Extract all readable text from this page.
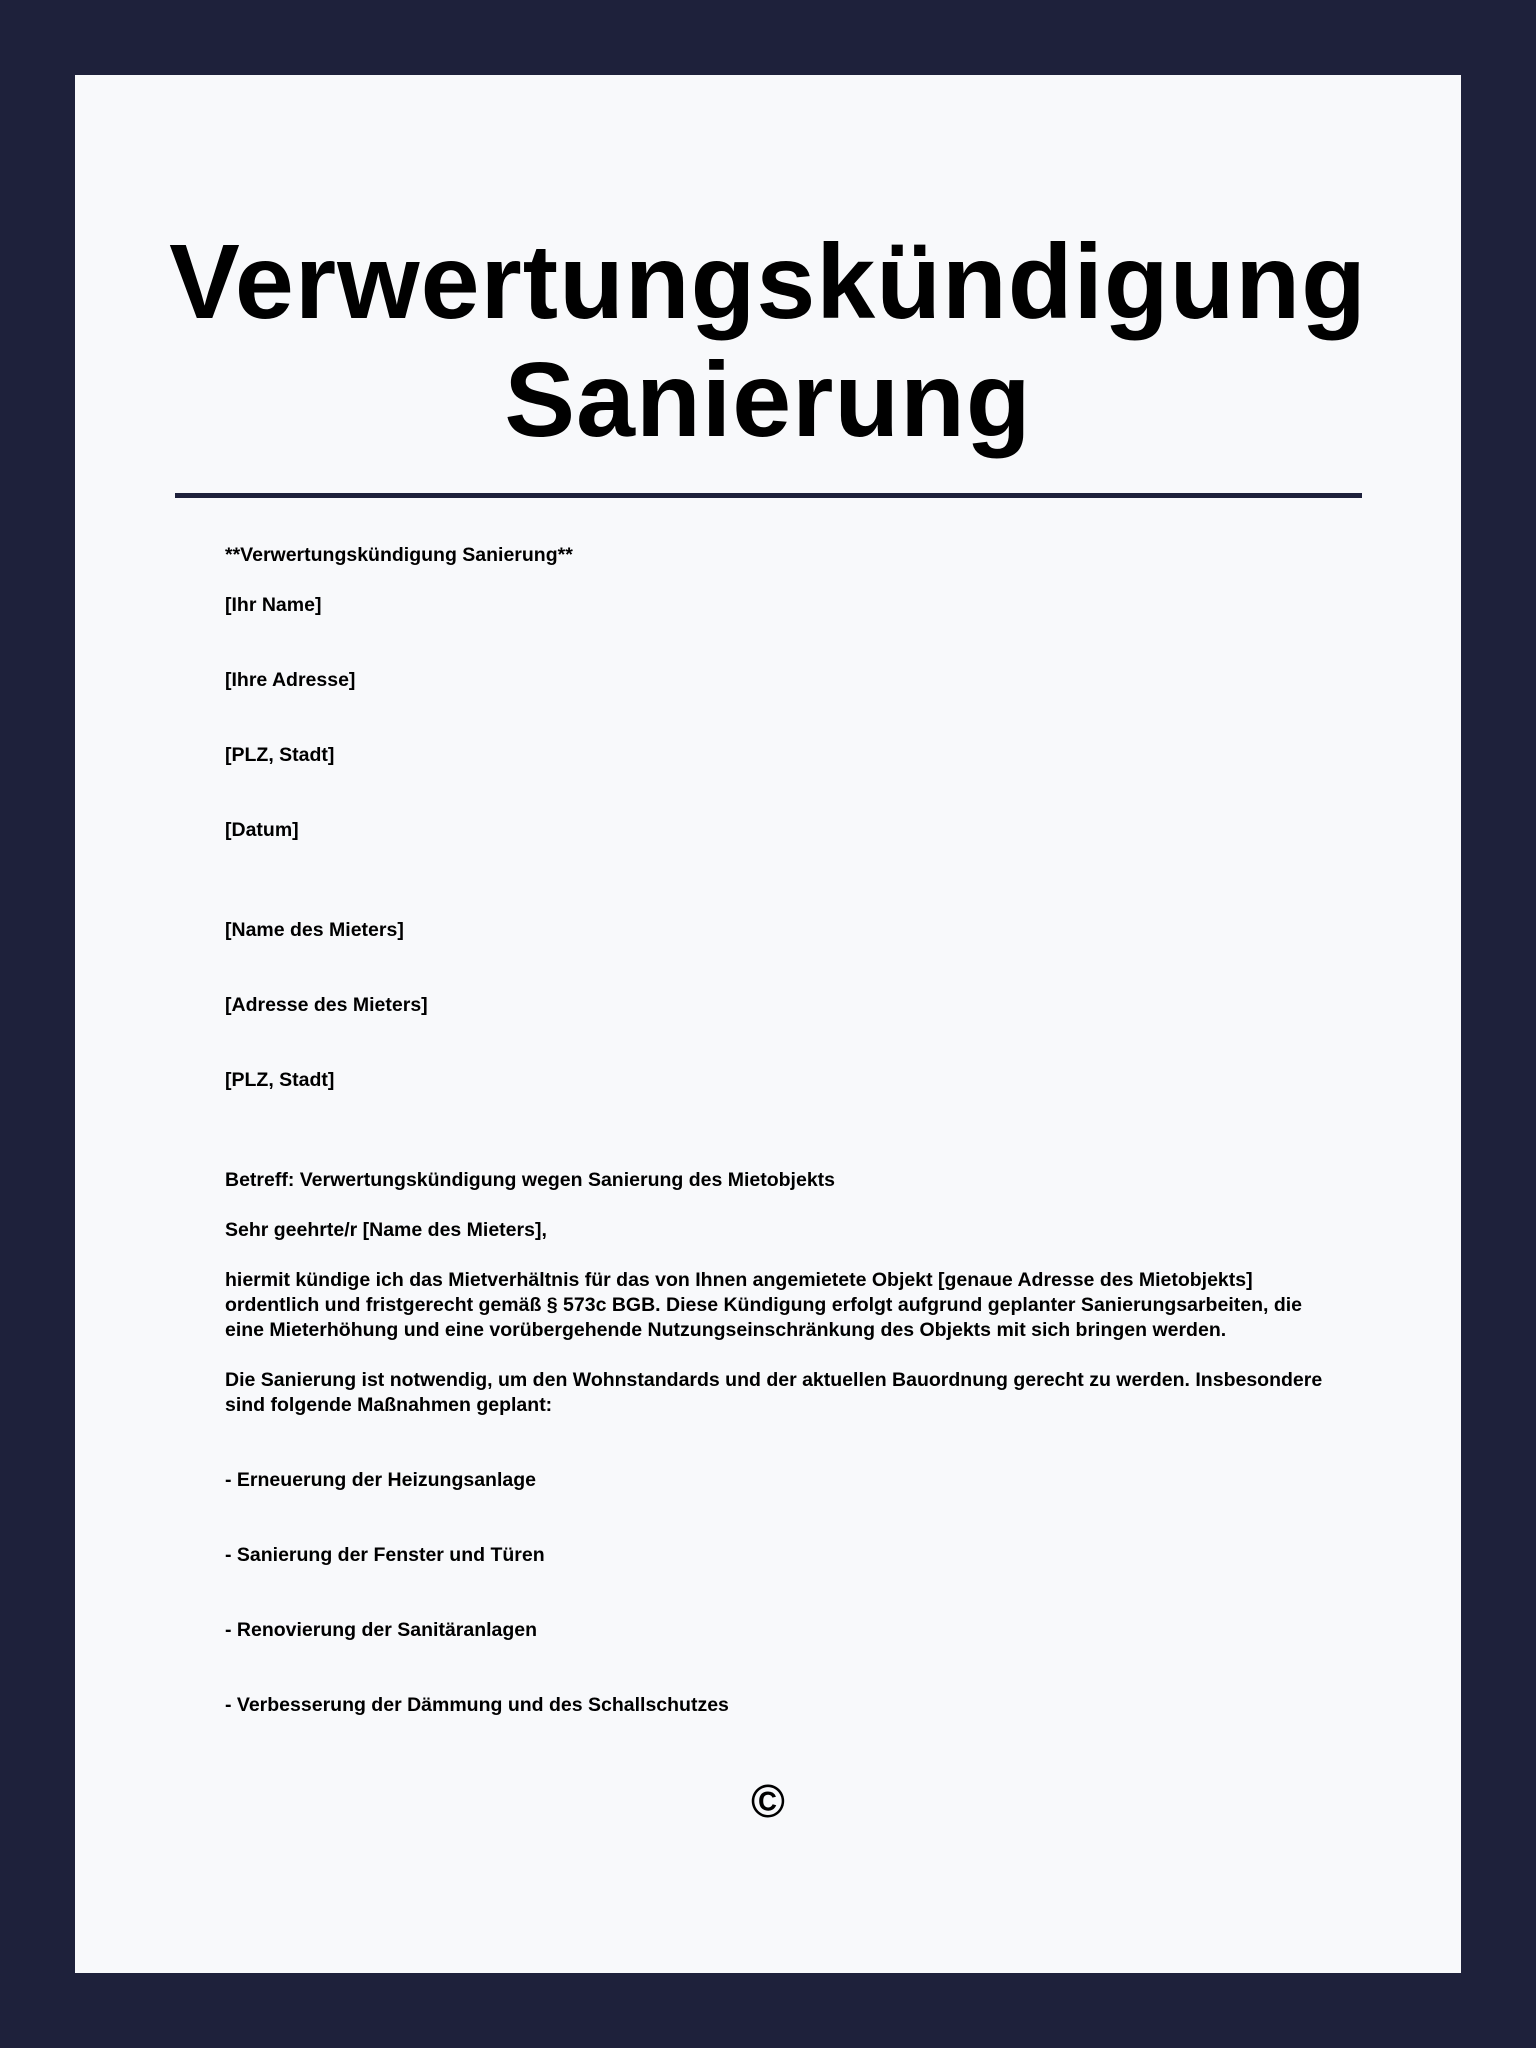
Verwertungskündigung
Sanierung
**Verwertungskündigung Sanierung**
[Ihr Name]
[Ihre Adresse]
[PLZ, Stadt]
[Datum]
[Name des Mieters]
[Adresse des Mieters]
[PLZ, Stadt]
Betreff: Verwertungskündigung wegen Sanierung des Mietobjekts
Sehr geehrte/r [Name des Mieters],
hiermit kündige ich das Mietverhältnis für das von Ihnen angemietete Objekt [genaue Adresse des Mietobjekts]
ordentlich und fristgerecht gemäß § 573c BGB. Diese Kündigung erfolgt aufgrund geplanter Sanierungsarbeiten, die
eine Mieterhöhung und eine vorübergehende Nutzungseinschränkung des Objekts mit sich bringen werden.
Die Sanierung ist notwendig, um den Wohnstandards und der aktuellen Bauordnung gerecht zu werden. Insbesondere
sind folgende Maßnahmen geplant:
- Erneuerung der Heizungsanlage
- Sanierung der Fenster und Türen
- Renovierung der Sanitäranlagen
- Verbesserung der Dämmung und des Schallschutzes
©
